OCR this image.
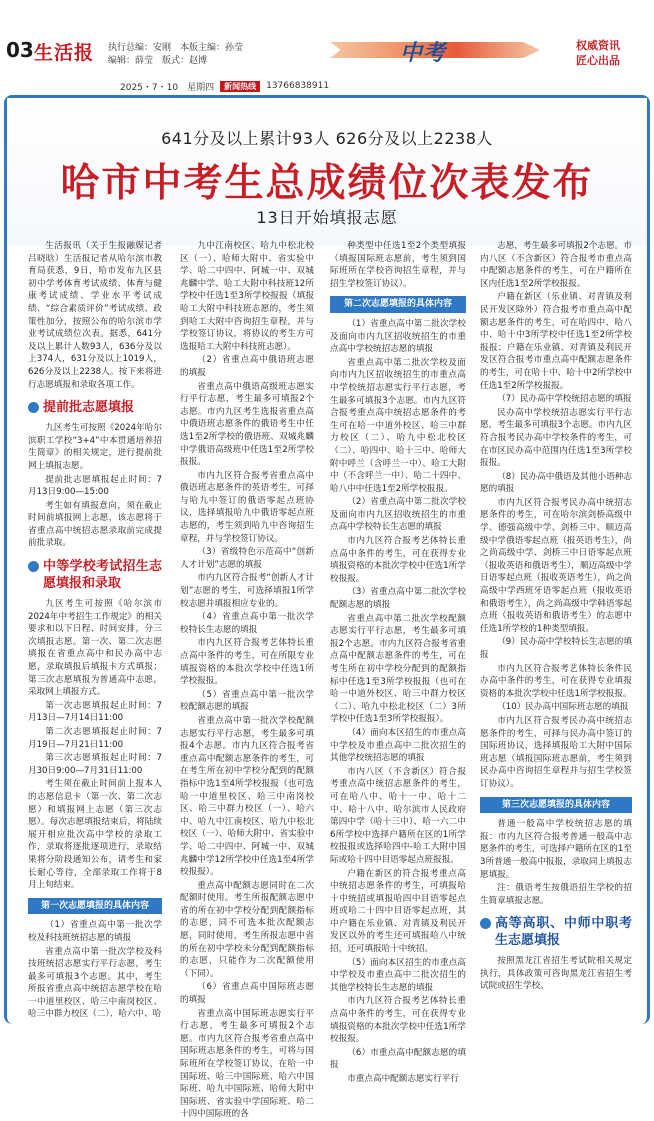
03 生活报 执行总编：安刚　本版主编：孙莹
编辑：薛莹　版式：赵博	中考	权威资讯
匠心出品
2025・7・10　星期四	新闻热线	13766838911
641分及以上累计93人 626分及以上2238人
哈市中考生总成绩位次表发布
13日开始填报志愿

生活报讯（关于生报融媒记者吕晓晗）生活报记者从哈尔滨市教育局获悉，9日，哈市发布九区县初中学考体育考试成绩、体育与健康考试成绩、学业水平考试成绩、“综合素质评价”考试成绩、政策性加分，按照公布的哈尔滨市学业考试成绩位次表。据悉，641分及以上累计人数93人，636分及以上374人，631分及以上1019人，626分及以上2238人。按下来将进行志愿填报和录取各项工作。

提前批志愿填报

九区考生可按照《2024年哈尔滨职工学校“3+4”中本贯通培养招生简章》的相关规定，进行提前批网上填报志愿。

提前批志愿填报起止时间：7月13日9:00—15:00

考生如有填报意向，须在截止时间前填报网上志愿，该志愿将于省重点高中统招志愿录取前完成提前批录取。

中等学校考试招生志愿填报和录取

九区考生可按照《哈尔滨市2024年中考招生工作规定》的相关要求和以下日程、时间安排，分三次填报志愿。第一次、第二次志愿填报在省重点高中和民办高中志愿，录取填报后填报卡方式填报；第三次志愿填报为普通高中志愿，采取网上填报方式。

第一次志愿填报起止时间：7月13日—7月14日11:00

第二次志愿填报起止时间：7月19日—7月21日11:00

第三次志愿填报起止时间：7月30日9:00—7月31日11:00

考生须在截止时间前上报本人的志愿信息卡（第一次、第二次志愿）和填报网上志愿（第三次志愿）。每次志愿填报结束后，将陆续展开相应批次高中学校的录取工作，录取将逐批逐项进行，录取结果将分阶段通知公布，请考生和家长耐心等待，全部录取工作将于8月上旬结束。

第一次志愿填报的具体内容

（1）省重点高中第一批次学校及科技班统招志愿的填报

省重点高中第一批次学校及科技班统招志愿实行平行志愿，考生最多可填报3个志愿。其中，考生所报省重点高中统招志愿学校在哈一中道里校区、哈三中南岗校区、哈三中群力校区（二）、哈六中、哈

九中江南校区、哈九中松北校区（一）、哈师大附中、省实验中学、哈二中四中、阿城一中、双城兆麟中学、哈工大附中科技班12所学校中任选1至3所学校报报（填报哈工大附中科技班志愿的，考生须到哈工大附中咨询招生章程，并与学校签订协议，将协议的考生方可选报哈工大附中科技班志愿）。

（2）省重点高中俄语班志愿的填报

省重点高中俄语高级班志愿实行平行志愿，考生最多可填报2个志愿。市内九区考生选报省重点高中俄语班志愿条件的俄语考生中任选1至2所学校的俄语班、双城兆麟中学俄语高级班中任选1至2所学校报报。

市内九区符合报考省重点高中俄语班志愿条件的英语考生，可择与哈九中签订的俄语零起点班协议，选择填报哈九中俄语零起点班志愿的，考生须到哈九中咨询招生章程，并与学校签订协议。

（3）省级特色示范高中“创新人才计划”志愿的填报

市内九区符合报考“创新人才计划”志愿的考生，可选择填报1所学校志愿并填报相应专业的。

（4）省重点高中第一批次学校特长生志愿的填报

市内九区符合报考艺体特长重点高中条件的考生，可在所限专业填报资格的本批次学校中任选1所学校报报。

（5）省重点高中第一批次学校配额志愿的填报

省重点高中第一批次学校配额志愿实行平行志愿，考生最多可填报4个志愿。市内九区符合报考省重点高中配额志愿条件的考生，可在考生所在初中学校分配到的配额指标中选1至4所学校报报（也可选哈一中道里校区、哈三中南岗校区、哈三中群力校区（一）、哈六中、哈九中江南校区、哈九中松北校区（一）、哈师大附中、省实验中学、哈二中四中、阿城一中、双城兆麟中学12所学校中任选1至4所学校报报）。

重点高中配额志愿同时在二次配额时使用。考生所报配额志愿中省的所在初中学校分配到配额指标的志愿，同不可选本批次配额志愿，同时使用，考生所报志愿中省的所在初中学校未分配到配额指标的志愿，只能作为二次配额使用（下同）。

（6）省重点高中国际班志愿的填报

省重点高中国际班志愿实行平行志愿，考生最多可填报2个志愿。市内九区符合报考省重点高中国际班志愿条件的考生，可将与国际班所在学校签订协议，在哈一中国际班、哈三中国际班、哈六中国际班、哈九中国际班、哈师大附中国际班、省实验中学国际班、哈二十四中国际班的各

种类型中任选1至2个类型填报（填报国际班志愿前，考生须到国际班所在学校咨询招生章程，并与招生学校签订协议）。

第二次志愿填报的具体内容

（1）省重点高中第二批次学校及面向市内九区招收统招生的市重点高中学校统招志愿的填报

省重点高中第二批次学校及面向市内九区招收统招生的市重点高中学校统招志愿实行平行志愿，考生最多可填报3个志愿。市内九区符合报考重点高中统招志愿条件的考生可在哈一中道外校区、哈三中群力校区（二）、哈九中松北校区（二）、哈四中、哈十三中、哈师大附中呼兰（含呼兰一中）、哈工大附中（不含呼兰一中）、哈二十四中、哈八中中任选1至2所学校报报。

（2）省重点高中第二批次学校及面向市内九区招收统招生的市重点高中学校特长生志愿的填报

市内九区符合报考艺体特长重点高中条件的考生，可在获得专业填报资格的本批次学校中任选1所学校报报。

（3）省重点高中第二批次学校配额志愿的填报

省重点高中第二批次学校配额志愿实行平行志愿，考生最多可填报2个志愿。市内九区符合报考省重点高中配额志愿条件的考生，可在考生所在初中学校分配到的配额指标中任选1至3所学校报报（也可在哈一中道外校区、哈三中群力校区（二）、哈九中松北校区（二）3所学校中任选1至3所学校报报）。

（4）面向本区招生的市重点高中学校及市重点高中二批次招生的其他学校统招志愿的填报

市内八区（不含新区）符合报考重点高中统招志愿条件的考生，可在哈八中、哈十一中、哈十二中、哈十八中、哈尔滨市人民政府第四中学（哈十三中）、哈一六二中6所学校中选择户籍所在区的1所学校报报或选择哈四中-哈工大附中国际或哈十四中目语零起点班报报。

户籍在新区的符合报考重点高中统招志愿条件的考生，可填报哈十中统招或填报哈四中目语零起点班或哈二十四中目语零起点班，其中户籍在乐业镇、对青镇及利民开发区以外的考生还可填报哈八中统招，还可填报哈十中统招。

（5）面向本区招生的市重点高中学校及市重点高中二批次招生的其他学校特长生志愿的填报

市内九区符合报考艺体特长重点高中条件的考生，可在获得专业填报资格的本批次学校中任选1所学校报报。

（6）市重点高中配额志愿的填报

市重点高中配额志愿实行平行

志愿，考生最多可填报2个志愿。市内八区（不含新区）符合报考市重点高中配额志愿条件的考生，可在户籍所在区内任选1至2所学校报报。

户籍在新区（乐业镇、对青镇及利民开发区除外）符合报考市重点高中配额志愿条件的考生，可在哈四中、哈八中、哈十中3所学校中任选1至2所学校报报；户籍在乐业镇、对青镇及利民开发区符合报考市重点高中配额志愿条件的考生，可在哈十中、哈十中2所学校中任选1至2所学校报报。

（7）民办高中学校统招志愿的填报

民办高中学校统招志愿实行平行志愿，考生最多可填报3个志愿。市内九区符合报考民办高中学校条件的考生，可在市区民办高中范围内任选1至3所学校报报。

（8）民办高中俄语及其他小语种志愿的填报

市内九区符合报考民办高中统招志愿条件的考生，可在哈尔滨剑桥高级中学、德强高级中学、剑桥三中、顺迈高级中学俄语零起点班（报英语考生），尚之尚高级中学、剑桥三中日语零起点班（报收英语和俄语考生），顺迈高级中学日语零起点班（报收英语考生），尚之尚高级中学西班牙语零起点班（报收英语和俄语考生），尚之尚高级中学韩语零起点班（报收英语和俄语考生）的志愿中任选1所学校的1种类型填报。

（9）民办高中学校特长生志愿的填报

市内九区符合报考艺体特长条件民办高中条件的考生，可在获得专业填报资格的本批次学校中任选1所学校报报。

（10）民办高中国际班志愿的填报

市内九区符合报考民办高中统招志愿条件的考生，可择与民办高中签订的国际班协议，选择填报哈工大附中国际班志愿（填报国际班志愿前，考生须到民办高中咨询招生章程并与招生学校签订协议）。

第三次志愿填报的具体内容

普通一般高中学校统招志愿的填报：市内九区符合报考普通一般高中志愿条件的考生，可选择户籍所在区的1至3所普通一般高中报报，录取同上填报志愿填报。

注：俄语考生按俄语招生学校的招生简章填报志愿。

高等高职、中师中职考生志愿填报

按照黑龙江省招生考试院相关规定执行，具体政策可咨询黑龙江省招生考试院或招生学校。
